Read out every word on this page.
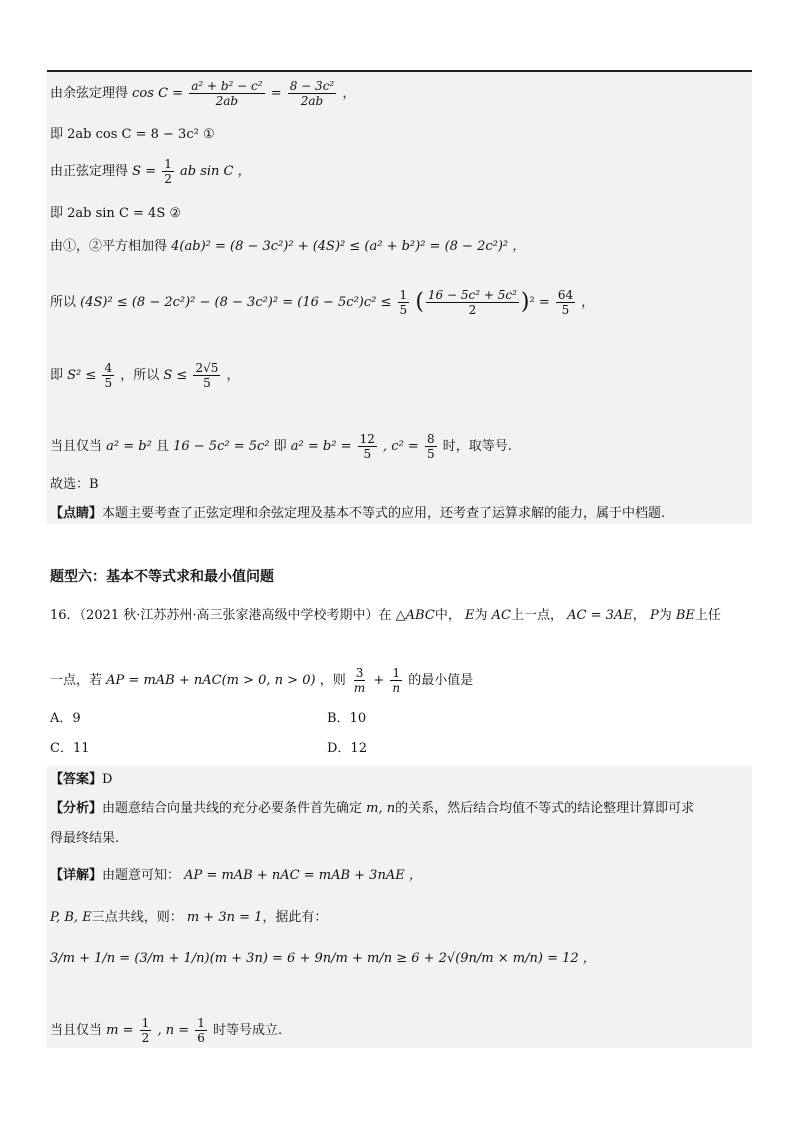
由余弦定理得 $\cos C = \frac{\text{a² + b² − c²}}{2ab} = \frac{\text{8 − 3c²}}{2ab}$ ，
即 2ab cos C = 8 − 3c² ①
由正弦定理得 $S = \frac{1}{2}$ ab sin C ，
即 2ab sin C = 4S ②
由①，②平方相加得 4(ab)² = (8 − 3c²)² + (4S)² ≤ (a² + b²)² = (8 − 2c²)² ，
所以 $(4S)^2 \le (8 - 2c^2)^2 - (8 - 3c^2)^2 = (16 - 5c^2)c^2 \le \frac{1}{5}$ ( $\frac{\text{16 − 5c² + 5c²}}{2} )^2 = \frac{64}{5}$ ，
即 $S^2 \le \frac{4}{5}$ ，所以 $S \le \frac{2√5}{5}$ ，
当且仅当 a² = b² 且 16 − 5c² = 5c² 即 $a^2 = b^2 = \frac{12}{5}$ , $c^2 = \frac{8}{5}$ 时，取等号.
故选：B
【点睛】本题主要考查了正弦定理和余弦定理及基本不等式的应用，还考查了运算求解的能力，属于中档题.
题型六：基本不等式求和最小值问题
16．（2021 秋·江苏苏州·高三张家港高级中学校考期中）在 △ABC中， E为 AC上一点， AC = 3AE， P为 BE上任
一点，若 AP = mAB + nAC(m > 0, n > 0) ，则 $\frac{3}{m} + \frac{1}{n}$ 的最小值是
A．9	B．10
C．11	D．12
【答案】D
【分析】由题意结合向量共线的充分必要条件首先确定 m, n的关系，然后结合均值不等式的结论整理计算即可求
得最终结果.
【详解】由题意可知： AP = mAB + nAC = mAB + 3nAE ，
P, B, E三点共线，则： m + 3n = 1，据此有：
3/m + 1/n = (3/m + 1/n)(m + 3n) = 6 + 9n/m + m/n ≥ 6 + 2√(9n/m × m/n) = 12 ，
当且仅当 $m = \frac{1}{2}$ , $n = \frac{1}{6}$ 时等号成立.
